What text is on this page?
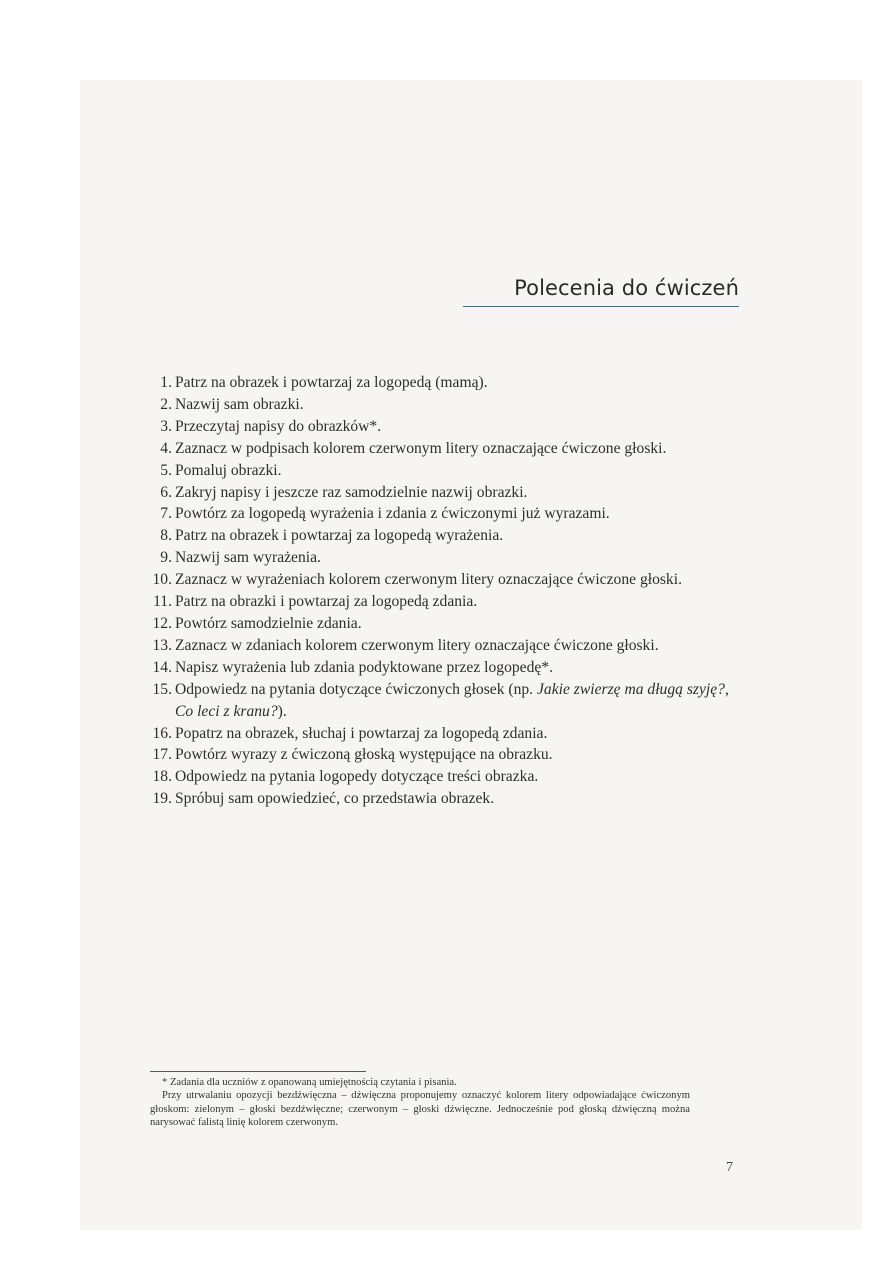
Polecenia do ćwiczeń
1. Patrz na obrazek i powtarzaj za logopedą (mamą).
2. Nazwij sam obrazki.
3. Przeczytaj napisy do obrazków*.
4. Zaznacz w podpisach kolorem czerwonym litery oznaczające ćwiczone głoski.
5. Pomaluj obrazki.
6. Zakryj napisy i jeszcze raz samodzielnie nazwij obrazki.
7. Powtórz za logopedą wyrażenia i zdania z ćwiczonymi już wyrazami.
8. Patrz na obrazek i powtarzaj za logopedą wyrażenia.
9. Nazwij sam wyrażenia.
10. Zaznacz w wyrażeniach kolorem czerwonym litery oznaczające ćwiczone głoski.
11. Patrz na obrazki i powtarzaj za logopedą zdania.
12. Powtórz samodzielnie zdania.
13. Zaznacz w zdaniach kolorem czerwonym litery oznaczające ćwiczone głoski.
14. Napisz wyrażenia lub zdania podyktowane przez logopedę*.
15. Odpowiedz na pytania dotyczące ćwiczonych głosek (np. Jakie zwierzę ma długą szyję?, Co leci z kranu?).
16. Popatrz na obrazek, słuchaj i powtarzaj za logopedą zdania.
17. Powtórz wyrazy z ćwiczoną głoską występujące na obrazku.
18. Odpowiedz na pytania logopedy dotyczące treści obrazka.
19. Spróbuj sam opowiedzieć, co przedstawia obrazek.

* Zadania dla uczniów z opanowaną umiejętnością czytania i pisania.

Przy utrwalaniu opozycji bezdźwięczna – dźwięczna proponujemy oznaczyć kolorem litery odpowiadające ćwiczonym głoskom: zielonym – głoski bezdźwięczne; czerwonym – głoski dźwięczne. Jednocześnie pod głoską dźwięczną można narysować falistą linię kolorem czerwonym.

7
